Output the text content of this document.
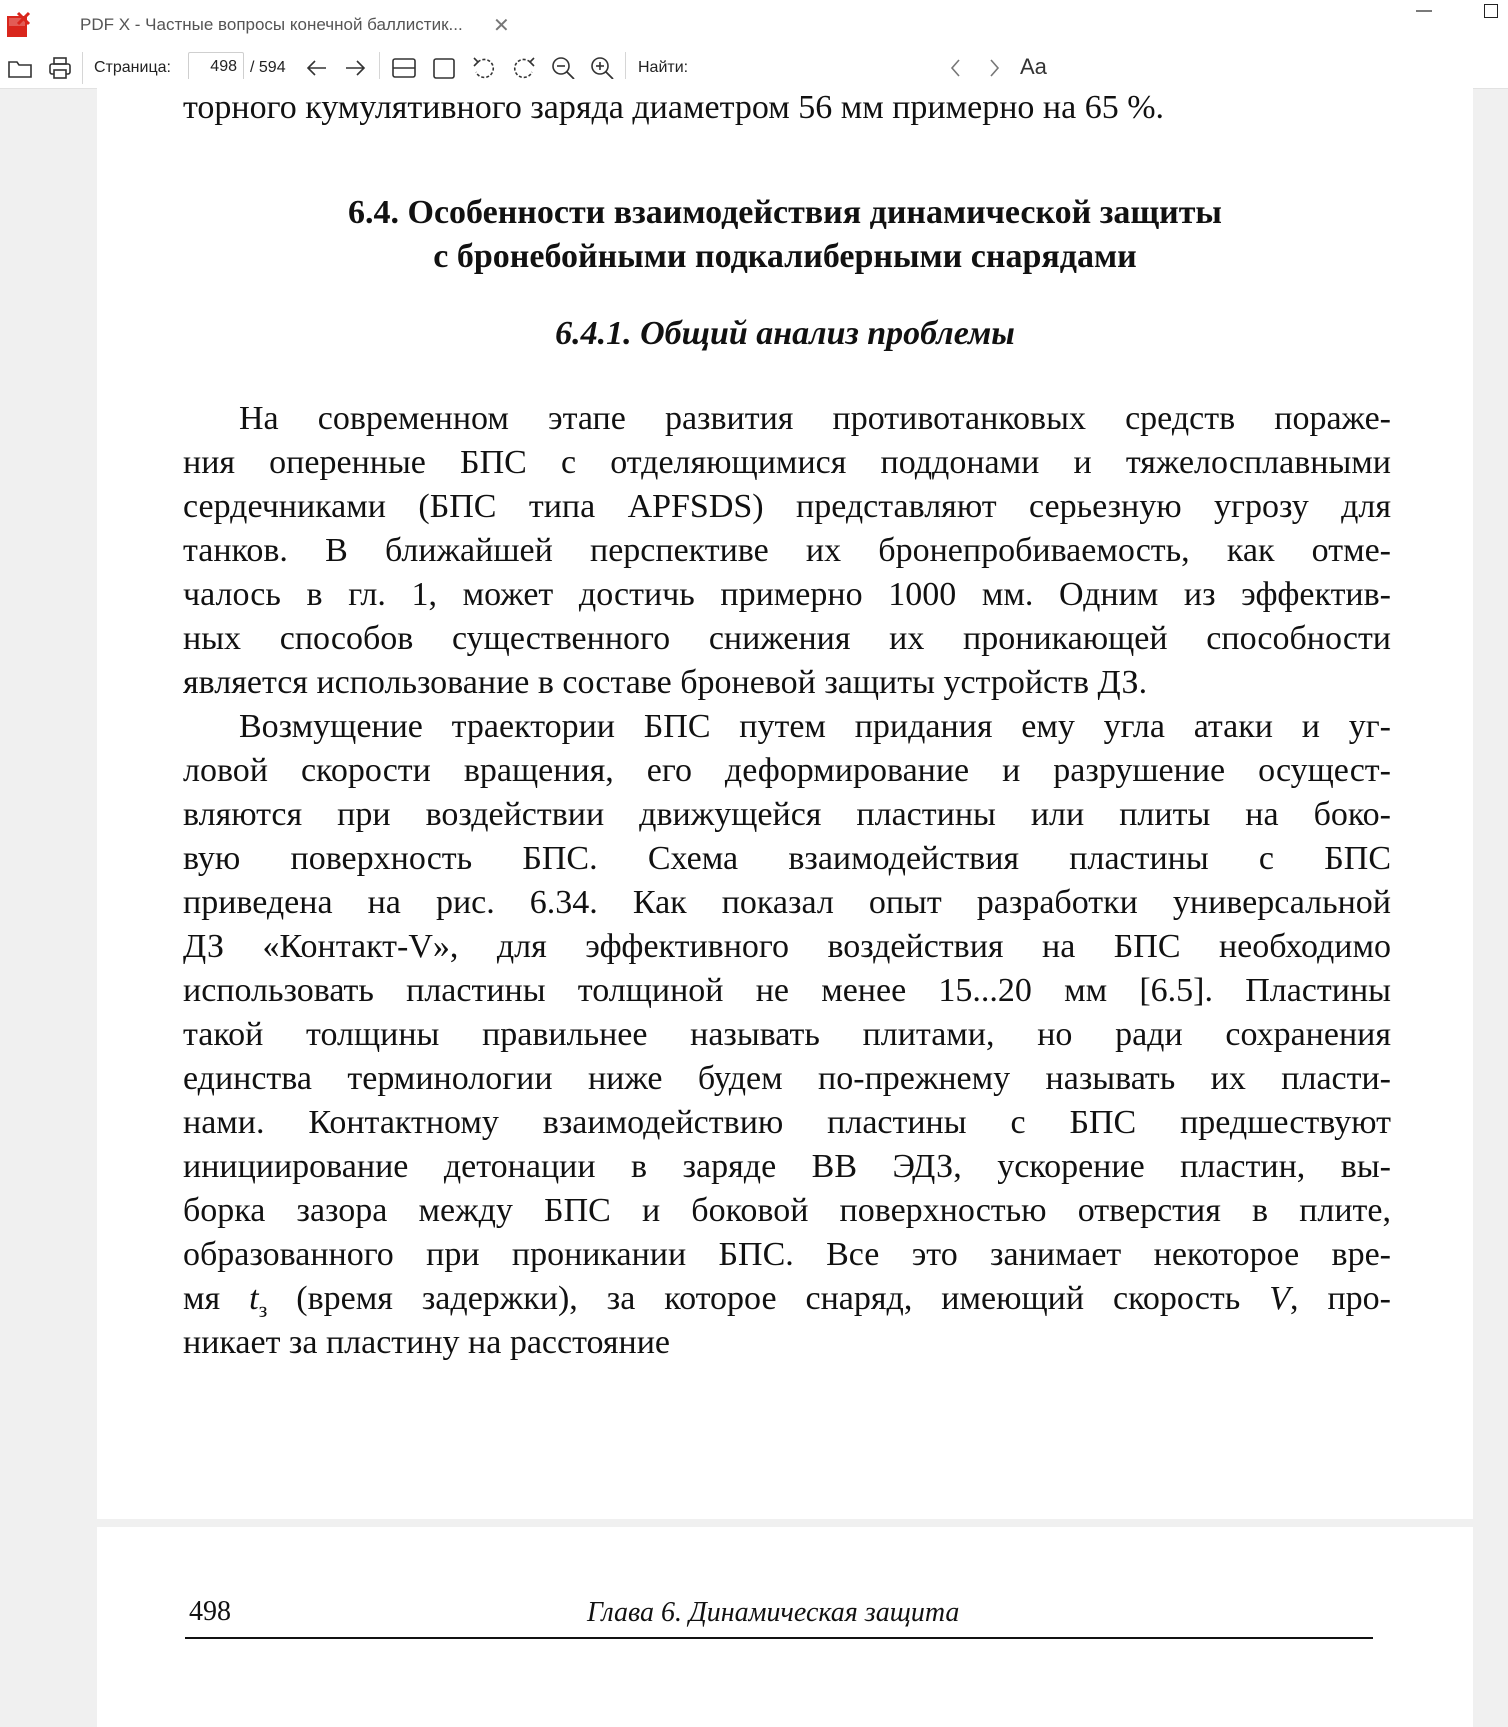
PDF X - Частные вопросы конечной баллистик... ✕
Страница:
498	/ 594	Найти:	Aa
торного кумулятивного заряда диаметром 56 мм примерно на 65 %.
6.4. Особенности взаимодействия динамической защиты
с бронебойными подкалиберными снарядами
6.4.1. Общий анализ проблемы
На современном этапе развития противотанковых средств пораже-
ния оперенные БПС с отделяющимися поддонами и тяжелосплавными
сердечниками (БПС типа APFSDS) представляют серьезную угрозу для
танков. В ближайшей перспективе их бронепробиваемость, как отме-
чалось в гл. 1, может достичь примерно 1000 мм. Одним из эффектив-
ных способов существенного снижения их проникающей способности
является использование в составе броневой защиты устройств ДЗ.
Возмущение траектории БПС путем придания ему угла атаки и уг-
ловой скорости вращения, его деформирование и разрушение осущест-
вляются при воздействии движущейся пластины или плиты на боко-
вую поверхность БПС. Схема взаимодействия пластины с БПС
приведена на рис. 6.34. Как показал опыт разработки универсальной
ДЗ «Контакт-V», для эффективного воздействия на БПС необходимо
использовать пластины толщиной не менее 15...20 мм [6.5]. Пластины
такой толщины правильнее называть плитами, но ради сохранения
единства терминологии ниже будем по-прежнему называть их пласти-
нами. Контактному взаимодействию пластины с БПС предшествуют
инициирование детонации в заряде ВВ ЭДЗ, ускорение пластин, вы-
борка зазора между БПС и боковой поверхностью отверстия в плите,
образованного при проникании БПС. Все это занимает некоторое вре-
мя $t_з$ (время задержки), за которое снаряд, имеющий скорость V, про-
никает за пластину на расстояние
498	Глава 6. Динамическая защита
